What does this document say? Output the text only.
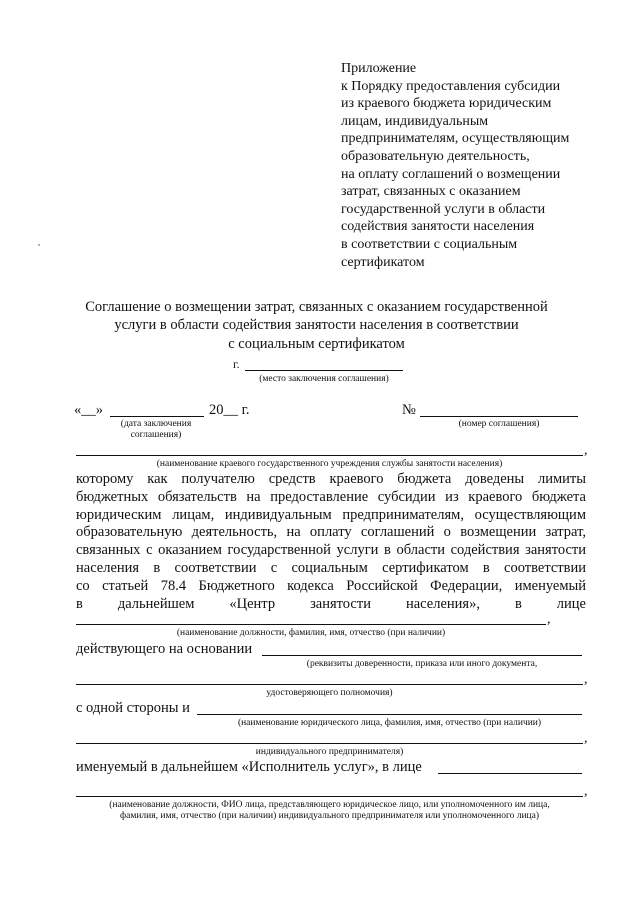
Приложение
к Порядку предоставления субсидии
из краевого бюджета юридическим
лицам, индивидуальным
предпринимателям, осуществляющим
образовательную деятельность,
на оплату соглашений о возмещении
затрат, связанных с оказанием
государственной услуги в области
содействия занятости населения
в соответствии с социальным
сертификатом
Соглашение о возмещении затрат, связанных с оказанием государственной
услуги в области содействия занятости населения в соответствии
с социальным сертификатом
г.
(место заключения соглашения)
«__»	20__ г.
(дата заключения
соглашения)
№
(номер соглашения)
,
(наименование краевого государственного учреждения службы занятости населения)
которому как получателю средств краевого бюджета доведены лимиты
бюджетных обязательств на предоставление субсидии из краевого бюджета
юридическим лицам, индивидуальным предпринимателям, осуществляющим
образовательную деятельность, на оплату соглашений о возмещении затрат,
связанных с оказанием государственной услуги в области содействия занятости
населения в соответствии с социальным сертификатом в соответствии
со статьей 78.4 Бюджетного кодекса Российской Федерации, именуемый
в дальнейшем «Центр занятости населения», в лице
,
(наименование должности, фамилия, имя, отчество (при наличии)
действующего на основании
(реквизиты доверенности, приказа или иного документа,
,
удостоверяющего полномочия)
с одной стороны и
(наименование юридического лица, фамилия, имя, отчество (при наличии)
,
индивидуального предпринимателя)
именуемый в дальнейшем «Исполнитель услуг», в лице
,
(наименование должности, ФИО лица, представляющего юридическое лицо, или уполномоченного им лица,
фамилия, имя, отчество (при наличии) индивидуального предпринимателя или уполномоченного лица)
